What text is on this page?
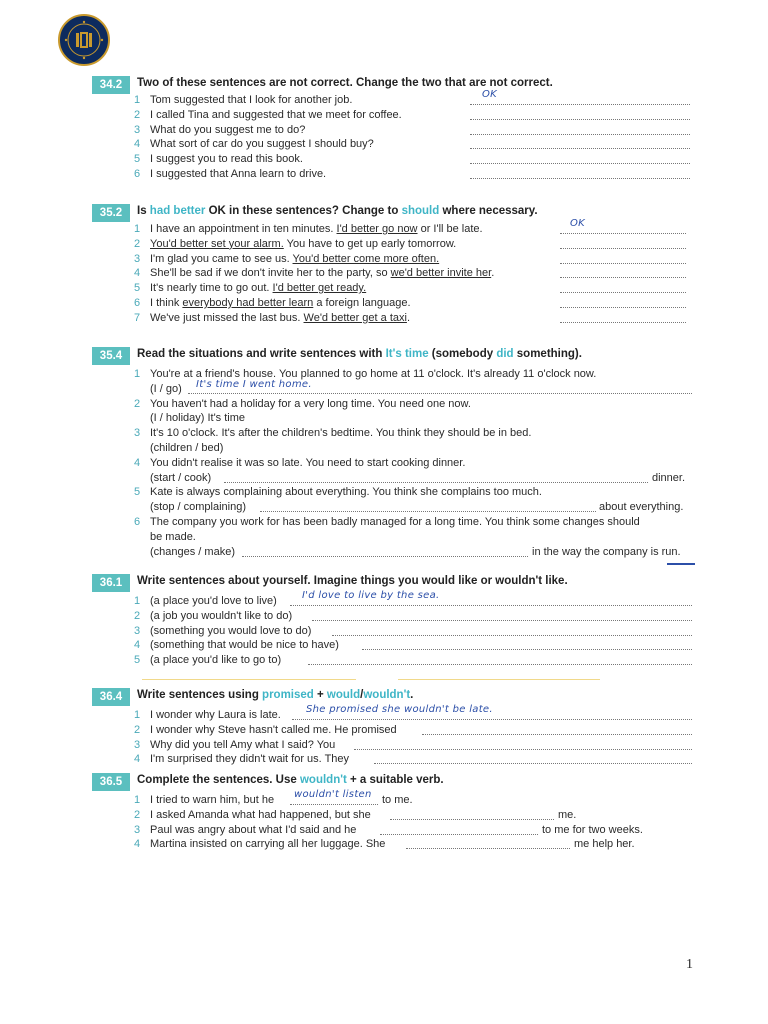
34.2	Two of these sentences are not correct. Change the two that are not correct.
1 Tom suggested that I look for another job.	OK
2 I called Tina and suggested that we meet for coffee.
3 What do you suggest me to do?
4 What sort of car do you suggest I should buy?
5 I suggest you to read this book.
6 I suggested that Anna learn to drive.
35.2	Is had better OK in these sentences? Change to should where necessary.
1 I have an appointment in ten minutes. I'd better go now or I'll be late.	OK
2 You'd better set your alarm. You have to get up early tomorrow.
3 I'm glad you came to see us. You'd better come more often.
4 She'll be sad if we don't invite her to the party, so we'd better invite her.
5 It's nearly time to go out. I'd better get ready.
6 I think everybody had better learn a foreign language.
7 We've just missed the last bus. We'd better get a taxi.
35.4	Read the situations and write sentences with It's time (somebody did something).
1 You're at a friend's house. You planned to go home at 11 o'clock. It's already 11 o'clock now.
(I / go) It's time I went home.
2 You haven't had a holiday for a very long time. You need one now.
(I / holiday) It's time
3 It's 10 o'clock. It's after the children's bedtime. You think they should be in bed.
(children / bed)
4 You didn't realise it was so late. You need to start cooking dinner.
(start / cook)	dinner.
5 Kate is always complaining about everything. You think she complains too much.
(stop / complaining)	about everything.
6 The company you work for has been badly managed for a long time. You think some changes should
be made.
(changes / make)	in the way the company is run.
36.1	Write sentences about yourself. Imagine things you would like or wouldn't like.
1 (a place you'd love to live)	I'd love to live by the sea.
2 (a job you wouldn't like to do)
3 (something you would love to do)
4 (something that would be nice to have)
5 (a place you'd like to go to)
36.4	Write sentences using promised + would/wouldn't.
1 I wonder why Laura is late.	She promised she wouldn't be late.
2 I wonder why Steve hasn't called me. He promised
3 Why did you tell Amy what I said? You
4 I'm surprised they didn't wait for us. They
36.5	Complete the sentences. Use wouldn't + a suitable verb.
1 I tried to warn him, but he wouldn't listen to me.
2 I asked Amanda what had happened, but she	me.
3 Paul was angry about what I'd said and he	to me for two weeks.
4 Martina insisted on carrying all her luggage. She	me help her.
1
